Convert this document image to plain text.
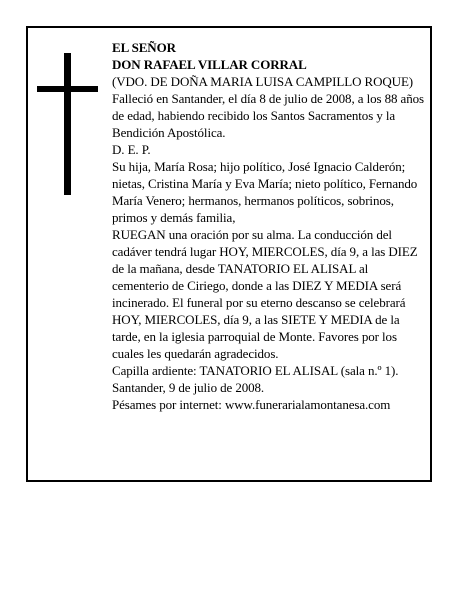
EL SEÑOR

DON RAFAEL VILLAR CORRAL

(VDO. DE DOÑA MARIA LUISA CAMPILLO ROQUE)

Falleció en Santander, el día 8 de julio de 2008, a los 88 años de edad, habiendo recibido los Santos Sacramentos y la Bendición Apostólica.

D. E. P.

Su hija, María Rosa; hijo político, José Ignacio Calderón; nietas, Cristina María y Eva María; nieto político, Fernando María Venero; hermanos, hermanos políticos, sobrinos, primos y demás familia,

RUEGAN una oración por su alma. La conducción del cadáver tendrá lugar HOY, MIERCOLES, día 9, a las DIEZ de la mañana, desde TANATORIO EL ALISAL al cementerio de Ciriego, donde a las DIEZ Y MEDIA será incinerado. El funeral por su eterno descanso se celebrará HOY, MIERCOLES, día 9, a las SIETE Y MEDIA de la tarde, en la iglesia parroquial de Monte. Favores por los cuales les quedarán agradecidos.

Capilla ardiente: TANATORIO EL ALISAL (sala n.º 1).

Santander, 9 de julio de 2008.

Pésames por internet: www.funerarialamontanesa.com
